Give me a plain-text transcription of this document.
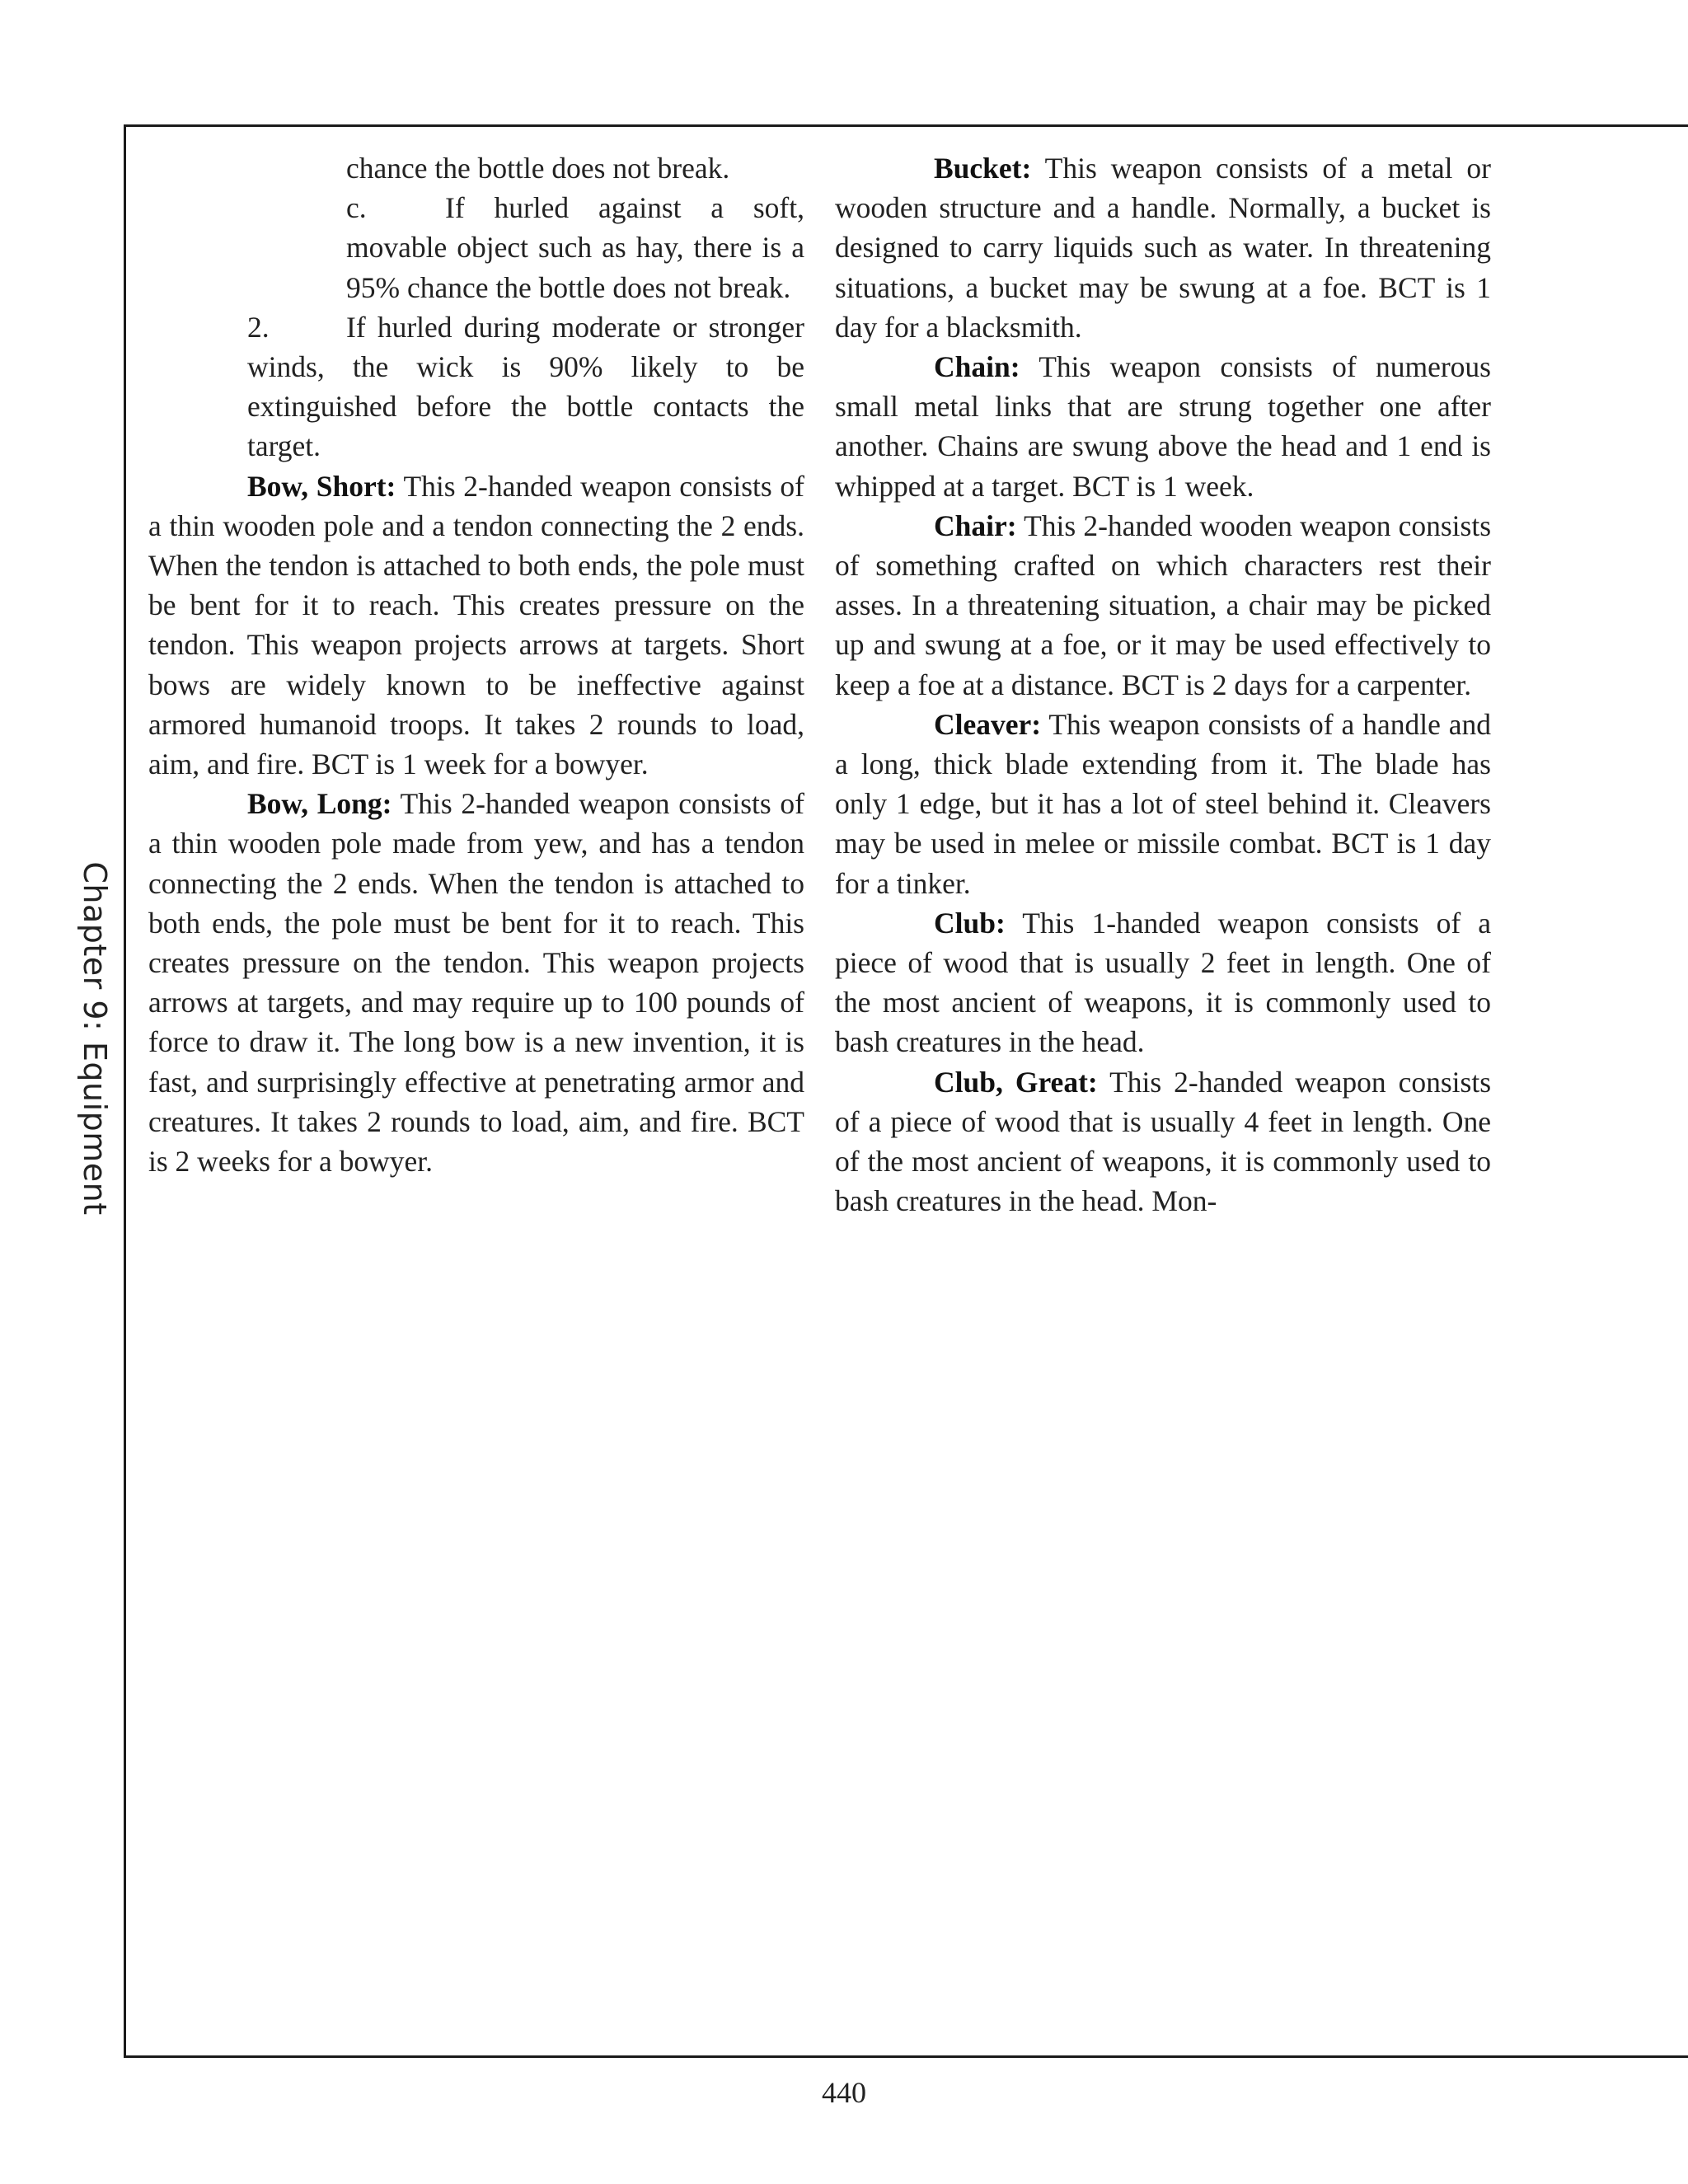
Chapter 9: Equipment

chance the bottle does not break.

c.	If hurled against a soft, movable object such as hay, there is a 95% chance the bottle does not break.

2.	If hurled during moderate or stronger winds, the wick is 90% likely to be extinguished before the bottle contacts the target.

Bow, Short: This 2-handed weapon consists of a thin wooden pole and a tendon connecting the 2 ends. When the tendon is attached to both ends, the pole must be bent for it to reach. This creates pressure on the tendon. This weapon projects arrows at targets. Short bows are widely known to be ineffective against armored humanoid troops. It takes 2 rounds to load, aim, and fire. BCT is 1 week for a bowyer.

Bow, Long: This 2-handed weapon consists of a thin wooden pole made from yew, and has a tendon connecting the 2 ends. When the tendon is attached to both ends, the pole must be bent for it to reach. This creates pressure on the tendon. This weapon projects arrows at targets, and may require up to 100 pounds of force to draw it. The long bow is a new invention, it is fast, and surprisingly effective at penetrating armor and creatures. It takes 2 rounds to load, aim, and fire. BCT is 2 weeks for a bowyer.

Bucket: This weapon consists of a metal or wooden structure and a handle. Normally, a bucket is designed to carry liquids such as water. In threatening situations, a bucket may be swung at a foe. BCT is 1 day for a blacksmith.

Chain: This weapon consists of numerous small metal links that are strung together one after another. Chains are swung above the head and 1 end is whipped at a target. BCT is 1 week.

Chair: This 2-handed wooden weapon consists of something crafted on which characters rest their asses. In a threatening situation, a chair may be picked up and swung at a foe, or it may be used effectively to keep a foe at a distance. BCT is 2 days for a carpenter.

Cleaver: This weapon consists of a handle and a long, thick blade extending from it. The blade has only 1 edge, but it has a lot of steel behind it. Cleavers may be used in melee or missile combat. BCT is 1 day for a tinker.

Club: This 1-handed weapon consists of a piece of wood that is usually 2 feet in length. One of the most ancient of weapons, it is commonly used to bash creatures in the head.

Club, Great: This 2-handed weapon consists of a piece of wood that is usually 4 feet in length. One of the most ancient of weapons, it is commonly used to bash creatures in the head. Mon-

440
